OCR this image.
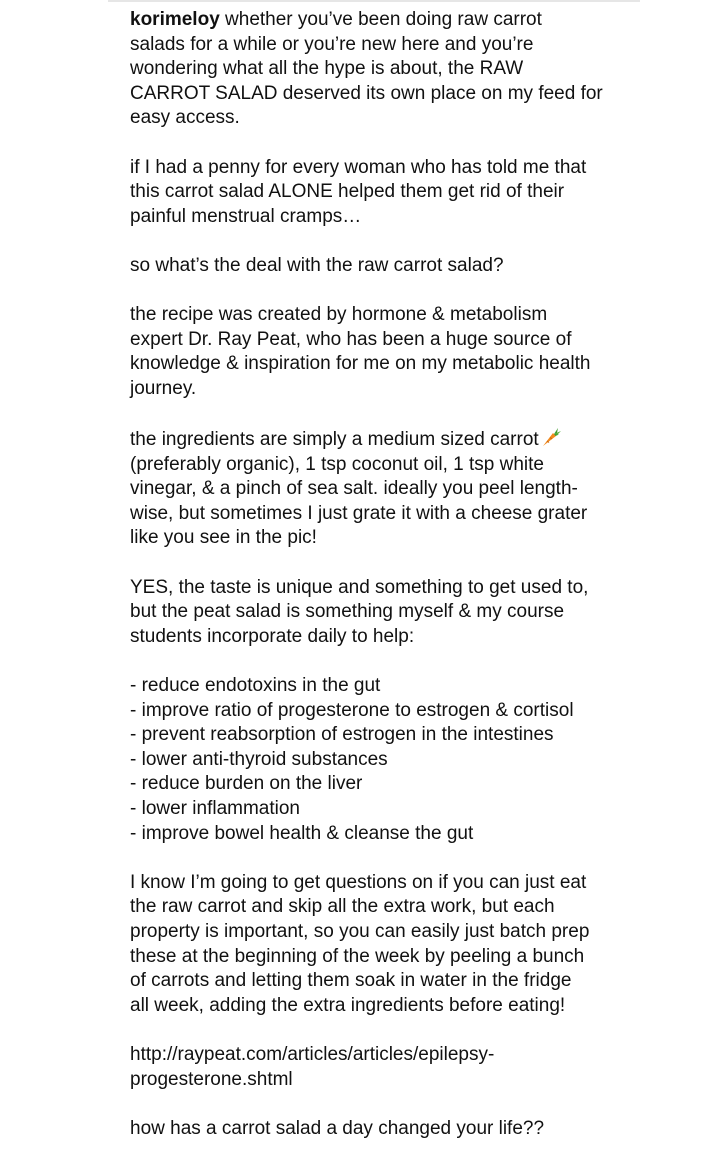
korimeloy whether you’ve been doing raw carrot
salads for a while or you’re new here and you’re
wondering what all the hype is about, the RAW
CARROT SALAD deserved its own place on my feed for
easy access.

if I had a penny for every woman who has told me that
this carrot salad ALONE helped them get rid of their
painful menstrual cramps…

so what’s the deal with the raw carrot salad?

the recipe was created by hormone & metabolism
expert Dr. Ray Peat, who has been a huge source of
knowledge & inspiration for me on my metabolic health
journey.

the ingredients are simply a medium sized carrot
(preferably organic), 1 tsp coconut oil, 1 tsp white
vinegar, & a pinch of sea salt. ideally you peel length-
wise, but sometimes I just grate it with a cheese grater
like you see in the pic!

YES, the taste is unique and something to get used to,
but the peat salad is something myself & my course
students incorporate daily to help:

- reduce endotoxins in the gut
- improve ratio of progesterone to estrogen & cortisol
- prevent reabsorption of estrogen in the intestines
- lower anti-thyroid substances
- reduce burden on the liver
- lower inflammation
- improve bowel health & cleanse the gut

I know I’m going to get questions on if you can just eat
the raw carrot and skip all the extra work, but each
property is important, so you can easily just batch prep
these at the beginning of the week by peeling a bunch
of carrots and letting them soak in water in the fridge
all week, adding the extra ingredients before eating!

http://raypeat.com/articles/articles/epilepsy-
progesterone.shtml

how has a carrot salad a day changed your life??
